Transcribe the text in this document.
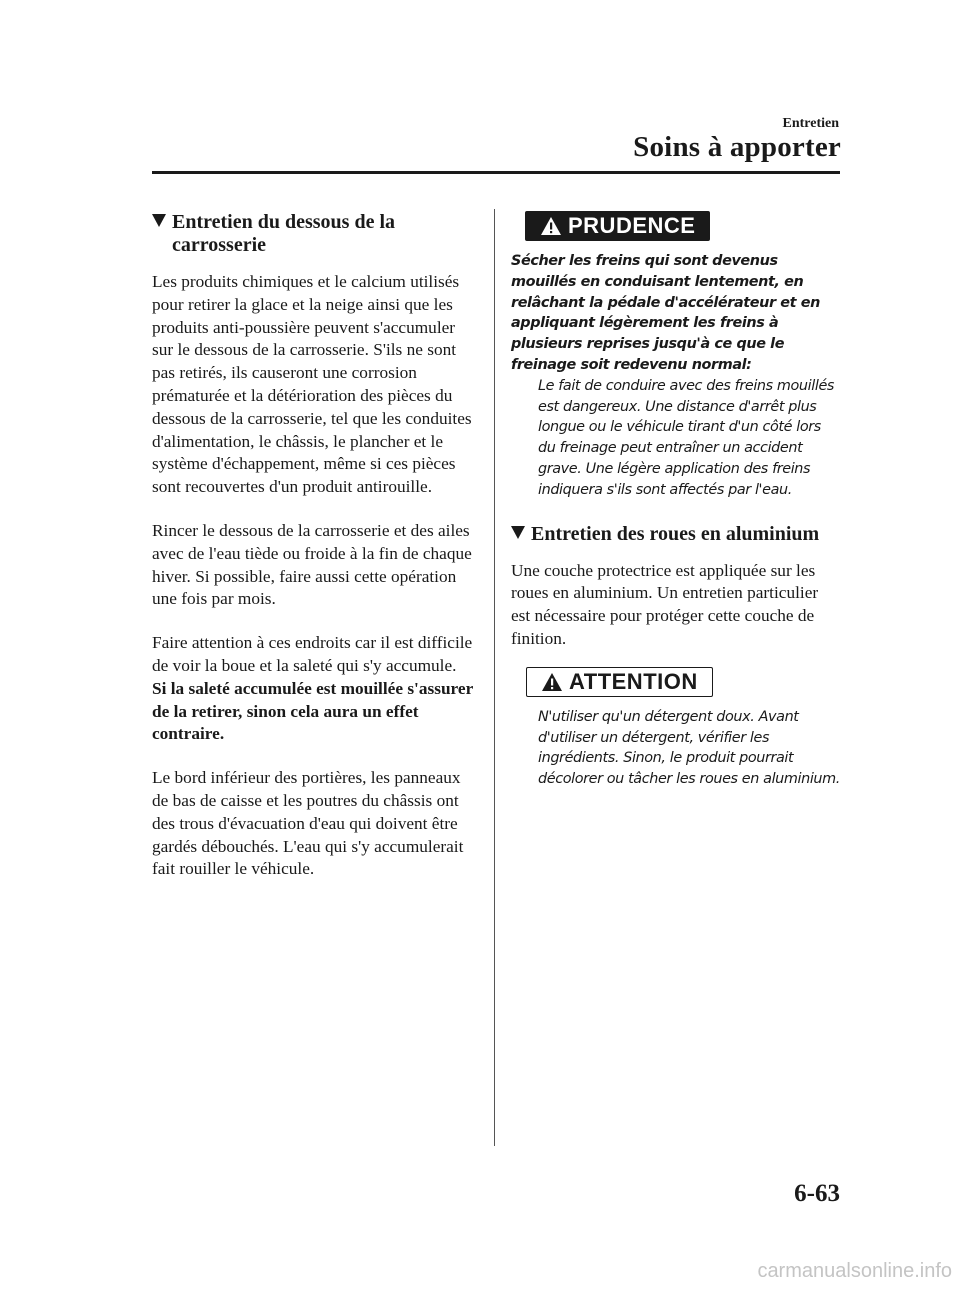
Entretien
Soins à apporter
Entretien du dessous de la carrosserie

Les produits chimiques et le calcium utilisés pour retirer la glace et la neige ainsi que les produits anti-poussière peuvent s'accumuler sur le dessous de la carrosserie. S'ils ne sont pas retirés, ils causeront une corrosion prématurée et la détérioration des pièces du dessous de la carrosserie, tel que les conduites d'alimentation, le châssis, le plancher et le système d'échappement, même si ces pièces sont recouvertes d'un produit antirouille.

Rincer le dessous de la carrosserie et des ailes avec de l'eau tiède ou froide à la fin de chaque hiver. Si possible, faire aussi cette opération une fois par mois.

Faire attention à ces endroits car il est difficile de voir la boue et la saleté qui s'y accumule. Si la saleté accumulée est mouillée s'assurer de la retirer, sinon cela aura un effet contraire.

Le bord inférieur des portières, les panneaux de bas de caisse et les poutres du châssis ont des trous d'évacuation d'eau qui doivent être gardés débouchés. L'eau qui s'y accumulerait fait rouiller le véhicule.

PRUDENCE

Sécher les freins qui sont devenus mouillés en conduisant lentement, en relâchant la pédale d'accélérateur et en appliquant légèrement les freins à plusieurs reprises jusqu'à ce que le freinage soit redevenu normal:

Le fait de conduire avec des freins mouillés est dangereux. Une distance d'arrêt plus longue ou le véhicule tirant d'un côté lors du freinage peut entraîner un accident grave. Une légère application des freins indiquera s'ils sont affectés par l'eau.

Entretien des roues en aluminium

Une couche protectrice est appliquée sur les roues en aluminium. Un entretien particulier est nécessaire pour protéger cette couche de finition.

ATTENTION

N'utiliser qu'un détergent doux. Avant d'utiliser un détergent, vérifier les ingrédients. Sinon, le produit pourrait décolorer ou tâcher les roues en aluminium.

6-63
carmanualsonline.info
